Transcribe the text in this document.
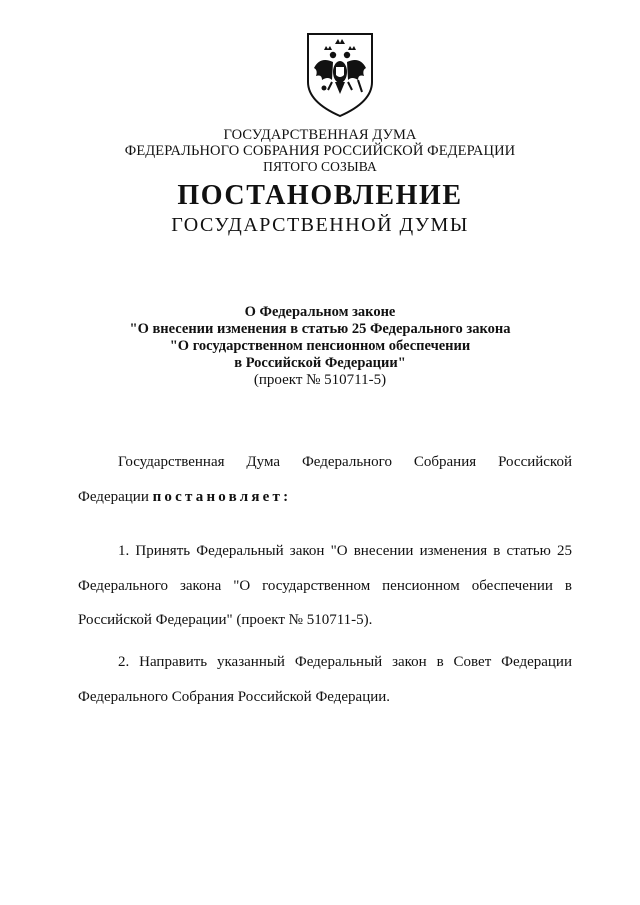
ГОСУДАРСТВЕННАЯ ДУМА
ФЕДЕРАЛЬНОГО СОБРАНИЯ РОССИЙСКОЙ ФЕДЕРАЦИИ
ПЯТОГО СОЗЫВА
ПОСТАНОВЛЕНИЕ
ГОСУДАРСТВЕННОЙ ДУМЫ
О Федеральном законе
"О внесении изменения в статью 25 Федерального закона
"О государственном пенсионном обеспечении
в Российской Федерации"
(проект № 510711-5)
Государственная Дума Федерального Собрания Российской
Федерации постановляет:
1. Принять Федеральный закон "О внесении изменения в статью 25
Федерального закона "О государственном пенсионном обеспечении в
Российской Федерации" (проект № 510711-5).
2. Направить указанный Федеральный закон в Совет Федерации
Федерального Собрания Российской Федерации.
